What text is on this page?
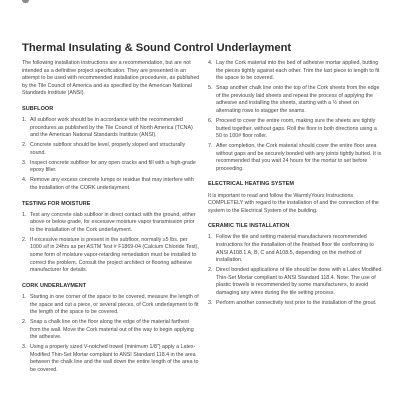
Thermal Insulating & Sound Control Underlayment

The following installation instructions are a recommendation, but are not intended as a definitive project specification. They are presented in an attempt to be used with recommended installation procedures, as published by the Tile Council of America and as specified by the American National Standards Institute (ANSI).

SUBFLOOR
1. All subfloor work should be in accordance with the recommended procedures as published by the Tile Council of North America (TCNA) and the American National Standards Institute (ANSI).
2. Concrete subfloor should be level, properly sloped and structurally sound.
3. Inspect concrete subfloor for any open cracks and fill with a high-grade epoxy filler.
4. Remove any excess concrete lumps or residue that may interfere with the installation of the CORK underlayment.
TESTING FOR MOISTURE
1. Test any concrete slab subfloor in direct contact with the ground, either above or below grade, for excessive moisture vapor transmission prior to the installation of the Cork underlayment.
2. If excessive moisture is present in the subfloor, normally ≥5 lbs. per 1000 s/f in 24hrs as per ASTM Test # F1869-04 (Calcium Chloride Test), some form of moisture vapor-retarding remediation must be installed to correct the problem. Consult the project architect or flooring adhesive manufacturer for details.
CORK UNDERLAYMENT
1. Starting in one corner of the space to be covered, measure the length of the space and cut a piece, or several pieces, of Cork underlayment to fit the length of the space to be covered.
2. Snap a chalk line on the floor along the edge of the material farthest from the wall. Move the Cork material out of the way to begin applying the adhesive.
3. Using a properly sized V-notched trowel (minimum 1/8") apply a Latex-Modified Thin-Set Mortar compliant to ANSI Standard 118.4 in the area between the chalk line and the wall down the entire length of the area to be covered.
4. Lay the Cork material into the bed of adhesive mortar applied, butting the pieces tightly against each other. Trim the last piece to length to fit the space to be covered.
5. Snap another chalk line onto the top of the Cork sheets from the edge of the previously laid sheets and repeat the process of applying the adhesive and installing the sheets, starting with a ½ sheet on alternating rows to stagger the seams.
6. Proceed to cover the entire room, making sure the sheets are tightly butted together, without gaps. Roll the floor in both directions using a 50 to 100# floor roller.
7. After completion, the Cork material should cover the entire floor area without gaps and be securely bonded with any joints tightly butted. It is recommended that you wait 24 hours for the mortar to set before proceeding.
ELECTRICAL HEATING SYSTEM

It is important to read and follow the WarmlyYours Instructions COMPLETELY with regard to the installation of and the connection of the system to the Electrical System of the building.

CERAMIC TILE INSTALLATION
1. Follow the tile and setting material manufacturers recommended instructions for the installation of the finished floor tile conforming to ANSI A108.1 A, B, C and A108.5, depending on the method of installation.
2. Direct bonded applications of tile should be done with a Latex Modified Thin-Set Mortar compliant to ANSI Standard 118.4. Note: The use of plastic trowels is recommended by some manufacturers, to avoid damaging any wires during the tile setting process.
3. Perform another connectivity test prior to the installation of the grout.
